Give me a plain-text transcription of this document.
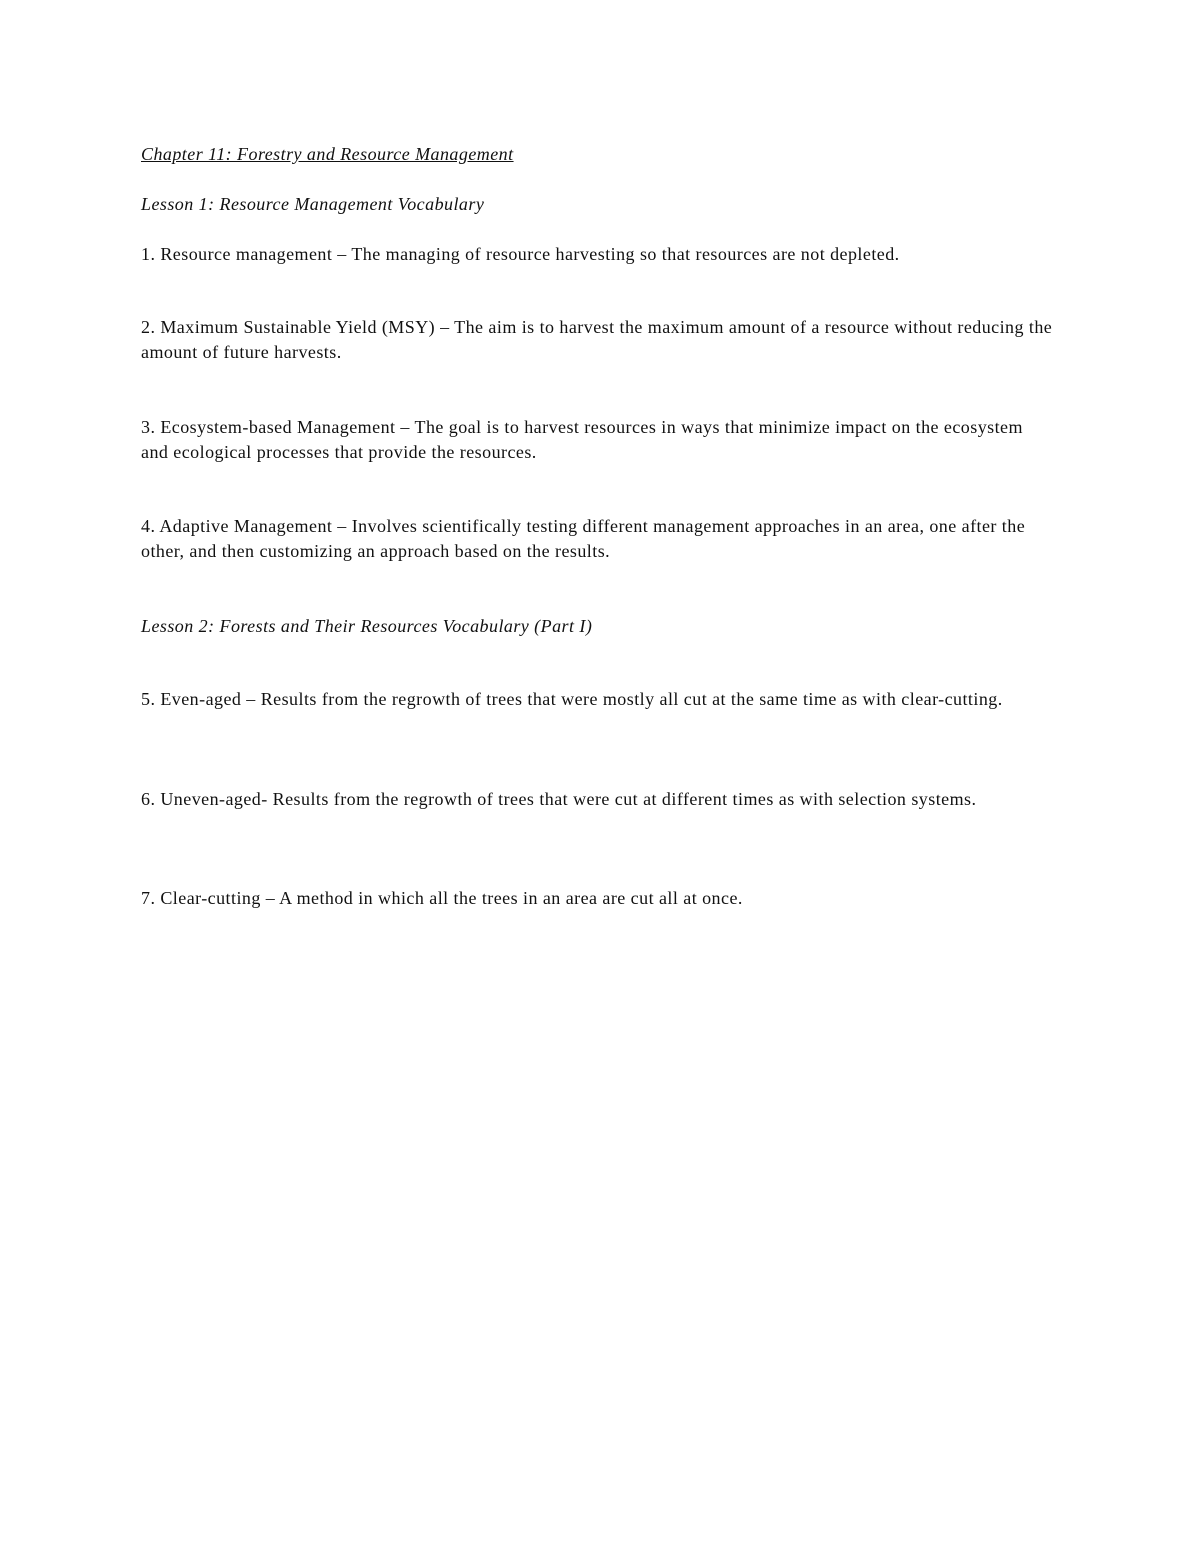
Chapter 11: Forestry and Resource Management
Lesson 1: Resource Management Vocabulary
1. Resource management – The managing of resource harvesting so that resources are not depleted.
2. Maximum Sustainable Yield (MSY) – The aim is to harvest the maximum amount of a resource without reducing the amount of future harvests.
3. Ecosystem-based Management – The goal is to harvest resources in ways that minimize impact on the ecosystem and ecological processes that provide the resources.
4. Adaptive Management – Involves scientifically testing different management approaches in an area, one after the other, and then customizing an approach based on the results.
Lesson 2: Forests and Their Resources Vocabulary (Part I)
5. Even-aged – Results from the regrowth of trees that were mostly all cut at the same time as with clear-cutting.
6. Uneven-aged- Results from the regrowth of trees that were cut at different times as with selection systems.
7. Clear-cutting – A method in which all the trees in an area are cut all at once.
